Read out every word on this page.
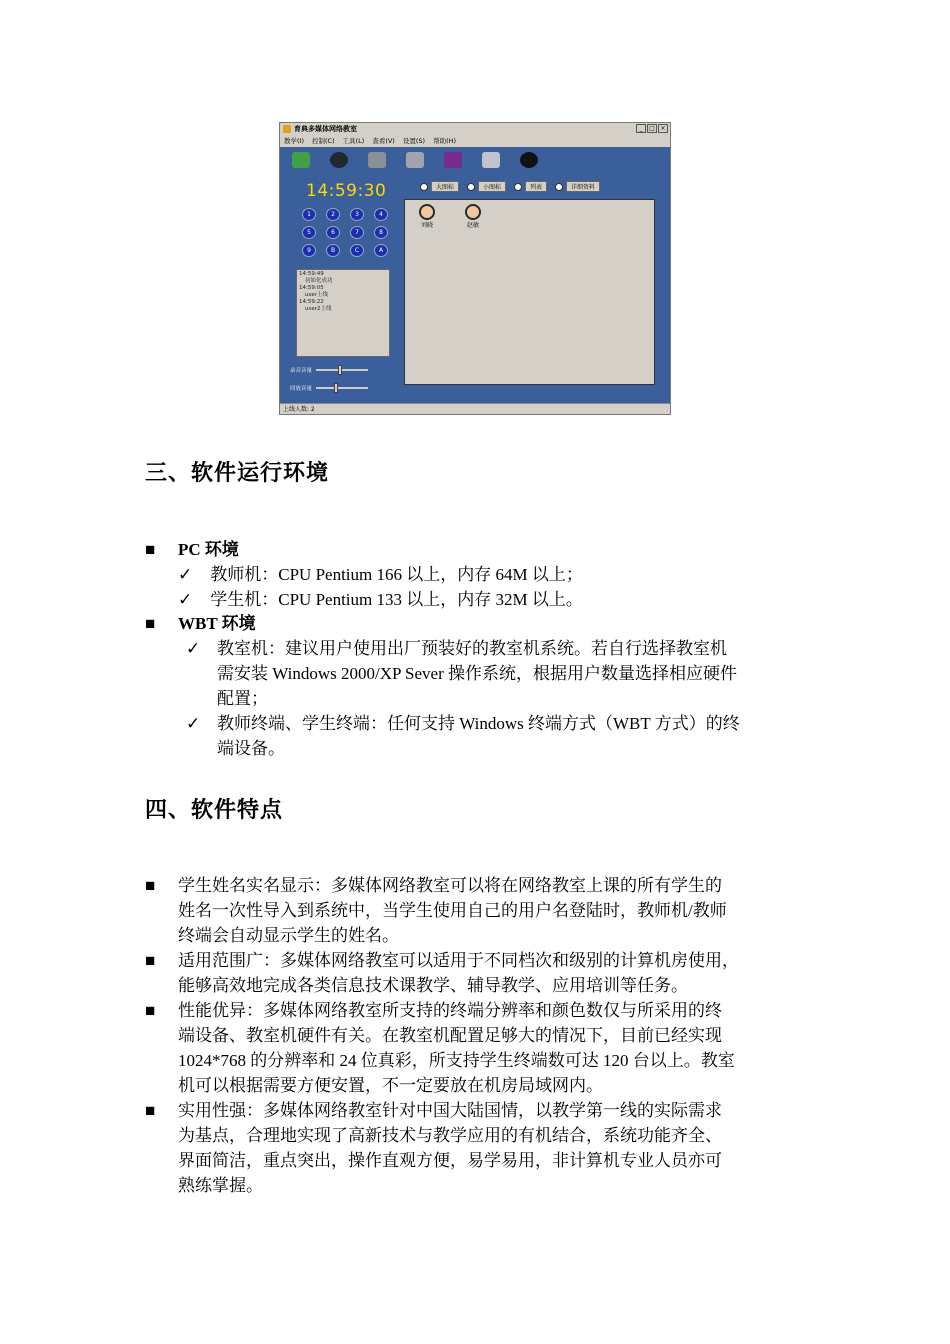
育典多媒体网络教室	_	□ ×
教学(I) 控制(C) 工具(L) 查看(V) 设置(S) 帮助(H)
14:59:30
1	2	3	4
5	6	7	8
9	B	C	A
14:59:49
初始化成功
14:59:05
user上线
14:59:22
user2上线
录音音量
回放音量
大图标	小图标	列表	详细资料
刘晓	赵敏
上线人数: 2
三、软件运行环境
■ PC 环境
✓ 教师机：CPU Pentium 166 以上，内存 64M 以上；
✓ 学生机：CPU Pentium 133 以上，内存 32M 以上。
■ WBT 环境
✓ 教室机：建议用户使用出厂预装好的教室机系统。若自行选择教室机
需安装 Windows 2000/XP Sever 操作系统，根据用户数量选择相应硬件
配置；
✓ 教师终端、学生终端：任何支持 Windows 终端方式（WBT 方式）的终
端设备。
四、软件特点
■ 学生姓名实名显示：多媒体网络教室可以将在网络教室上课的所有学生的
姓名一次性导入到系统中，当学生使用自己的用户名登陆时，教师机/教师
终端会自动显示学生的姓名。
■ 适用范围广：多媒体网络教室可以适用于不同档次和级别的计算机房使用，
能够高效地完成各类信息技术课教学、辅导教学、应用培训等任务。
■ 性能优异：多媒体网络教室所支持的终端分辨率和颜色数仅与所采用的终
端设备、教室机硬件有关。在教室机配置足够大的情况下，目前已经实现
1024*768 的分辨率和 24 位真彩，所支持学生终端数可达 120 台以上。教室
机可以根据需要方便安置，不一定要放在机房局域网内。
■ 实用性强：多媒体网络教室针对中国大陆国情，以教学第一线的实际需求
为基点，合理地实现了高新技术与教学应用的有机结合，系统功能齐全、
界面简洁，重点突出，操作直观方便，易学易用，非计算机专业人员亦可
熟练掌握。
